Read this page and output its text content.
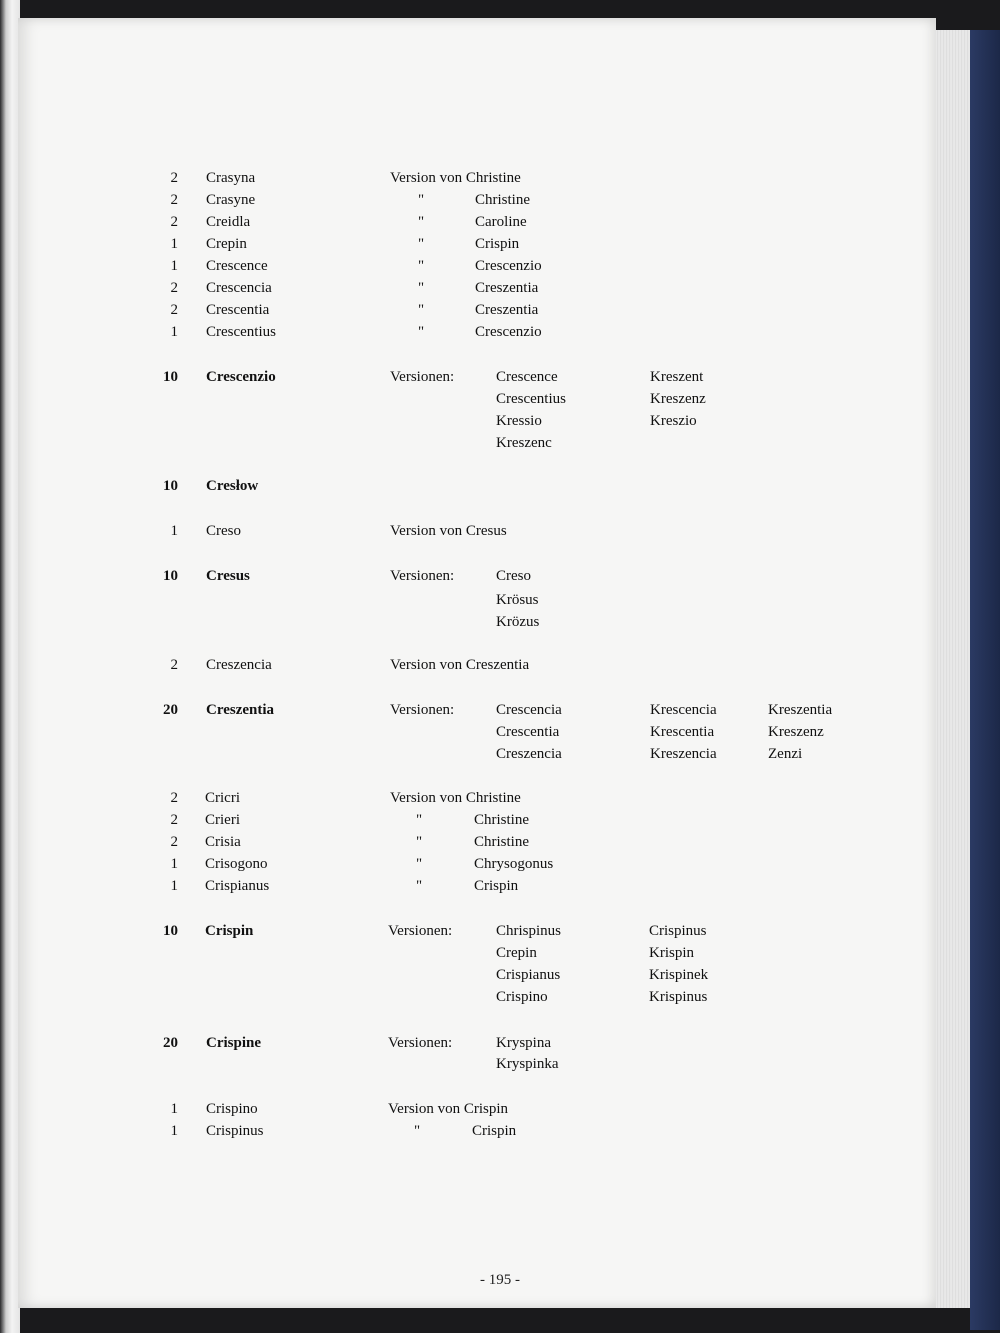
2 Crasyna	Version von Christine
2 Crasyne	"	Christine
2 Creidla	"	Caroline
1 Crepin	"	Crispin
1 Crescence	"	Crescenzio
2 Crescencia	"	Creszentia
2 Crescentia	"	Creszentia
1 Crescentius	"	Crescenzio
10 Crescenzio	Versionen:	Crescence	Kreszent
Crescentius	Kreszenz
Kressio	Kreszio
Kreszenc
10 Cresłow
1 Creso	Version von Cresus
10 Cresus	Versionen:	Creso
Krösus
Krözus
2 Creszencia	Version von Creszentia
20 Creszentia	Versionen:	Crescencia	Krescencia	Kreszentia
Crescentia	Krescentia	Kreszenz
Creszencia	Kreszencia	Zenzi
2 Cricri	Version von Christine
2 Crieri	"	Christine
2 Crisia	"	Christine
1 Crisogono	"	Chrysogonus
1 Crispianus	"	Crispin
10 Crispin	Versionen:	Chrispinus	Crispinus
Crepin	Krispin
Crispianus	Krispinek
Crispino	Krispinus
20 Crispine	Versionen:	Kryspina
Kryspinka
1 Crispino	Version von Crispin
1 Crispinus	"	Crispin
- 195 -
